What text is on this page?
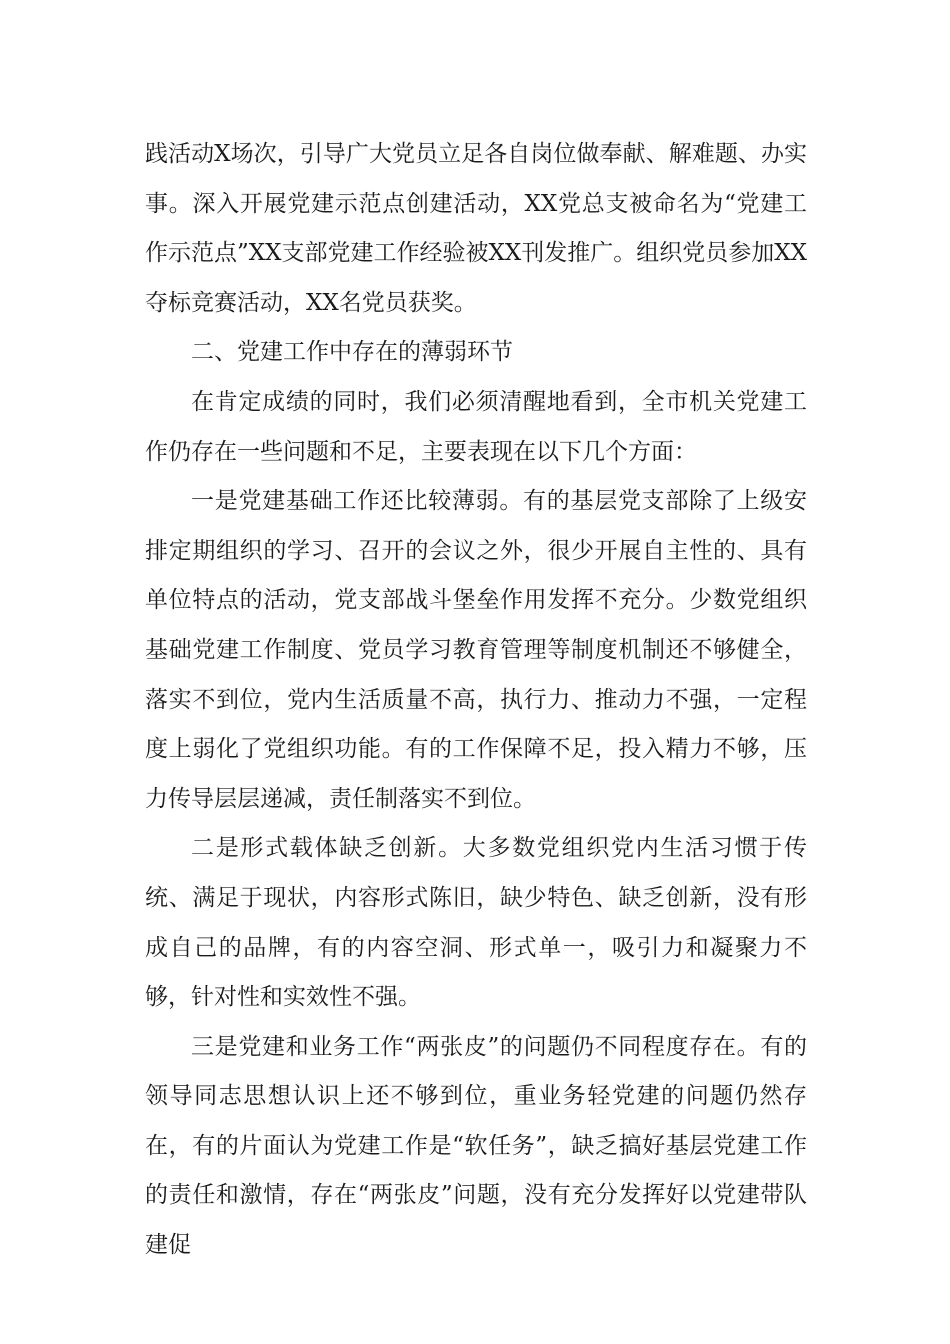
践活动X场次，引导广大党员立足各自岗位做奉献、解难题、办实事。深入开展党建示范点创建活动，XX党总支被命名为“党建工作示范点”XX支部党建工作经验被XX刊发推广。组织党员参加XX夺标竞赛活动，XX名党员获奖。

二、党建工作中存在的薄弱环节

在肯定成绩的同时，我们必须清醒地看到，全市机关党建工作仍存在一些问题和不足，主要表现在以下几个方面：

一是党建基础工作还比较薄弱。有的基层党支部除了上级安排定期组织的学习、召开的会议之外，很少开展自主性的、具有单位特点的活动，党支部战斗堡垒作用发挥不充分。少数党组织基础党建工作制度、党员学习教育管理等制度机制还不够健全，落实不到位，党内生活质量不高，执行力、推动力不强，一定程度上弱化了党组织功能。有的工作保障不足，投入精力不够，压力传导层层递减，责任制落实不到位。

二是形式载体缺乏创新。大多数党组织党内生活习惯于传统、满足于现状，内容形式陈旧，缺少特色、缺乏创新，没有形成自己的品牌，有的内容空洞、形式单一，吸引力和凝聚力不够，针对性和实效性不强。

三是党建和业务工作“两张皮”的问题仍不同程度存在。有的领导同志思想认识上还不够到位，重业务轻党建的问题仍然存在，有的片面认为党建工作是“软任务”，缺乏搞好基层党建工作的责任和激情，存在“两张皮”问题，没有充分发挥好以党建带队建促
